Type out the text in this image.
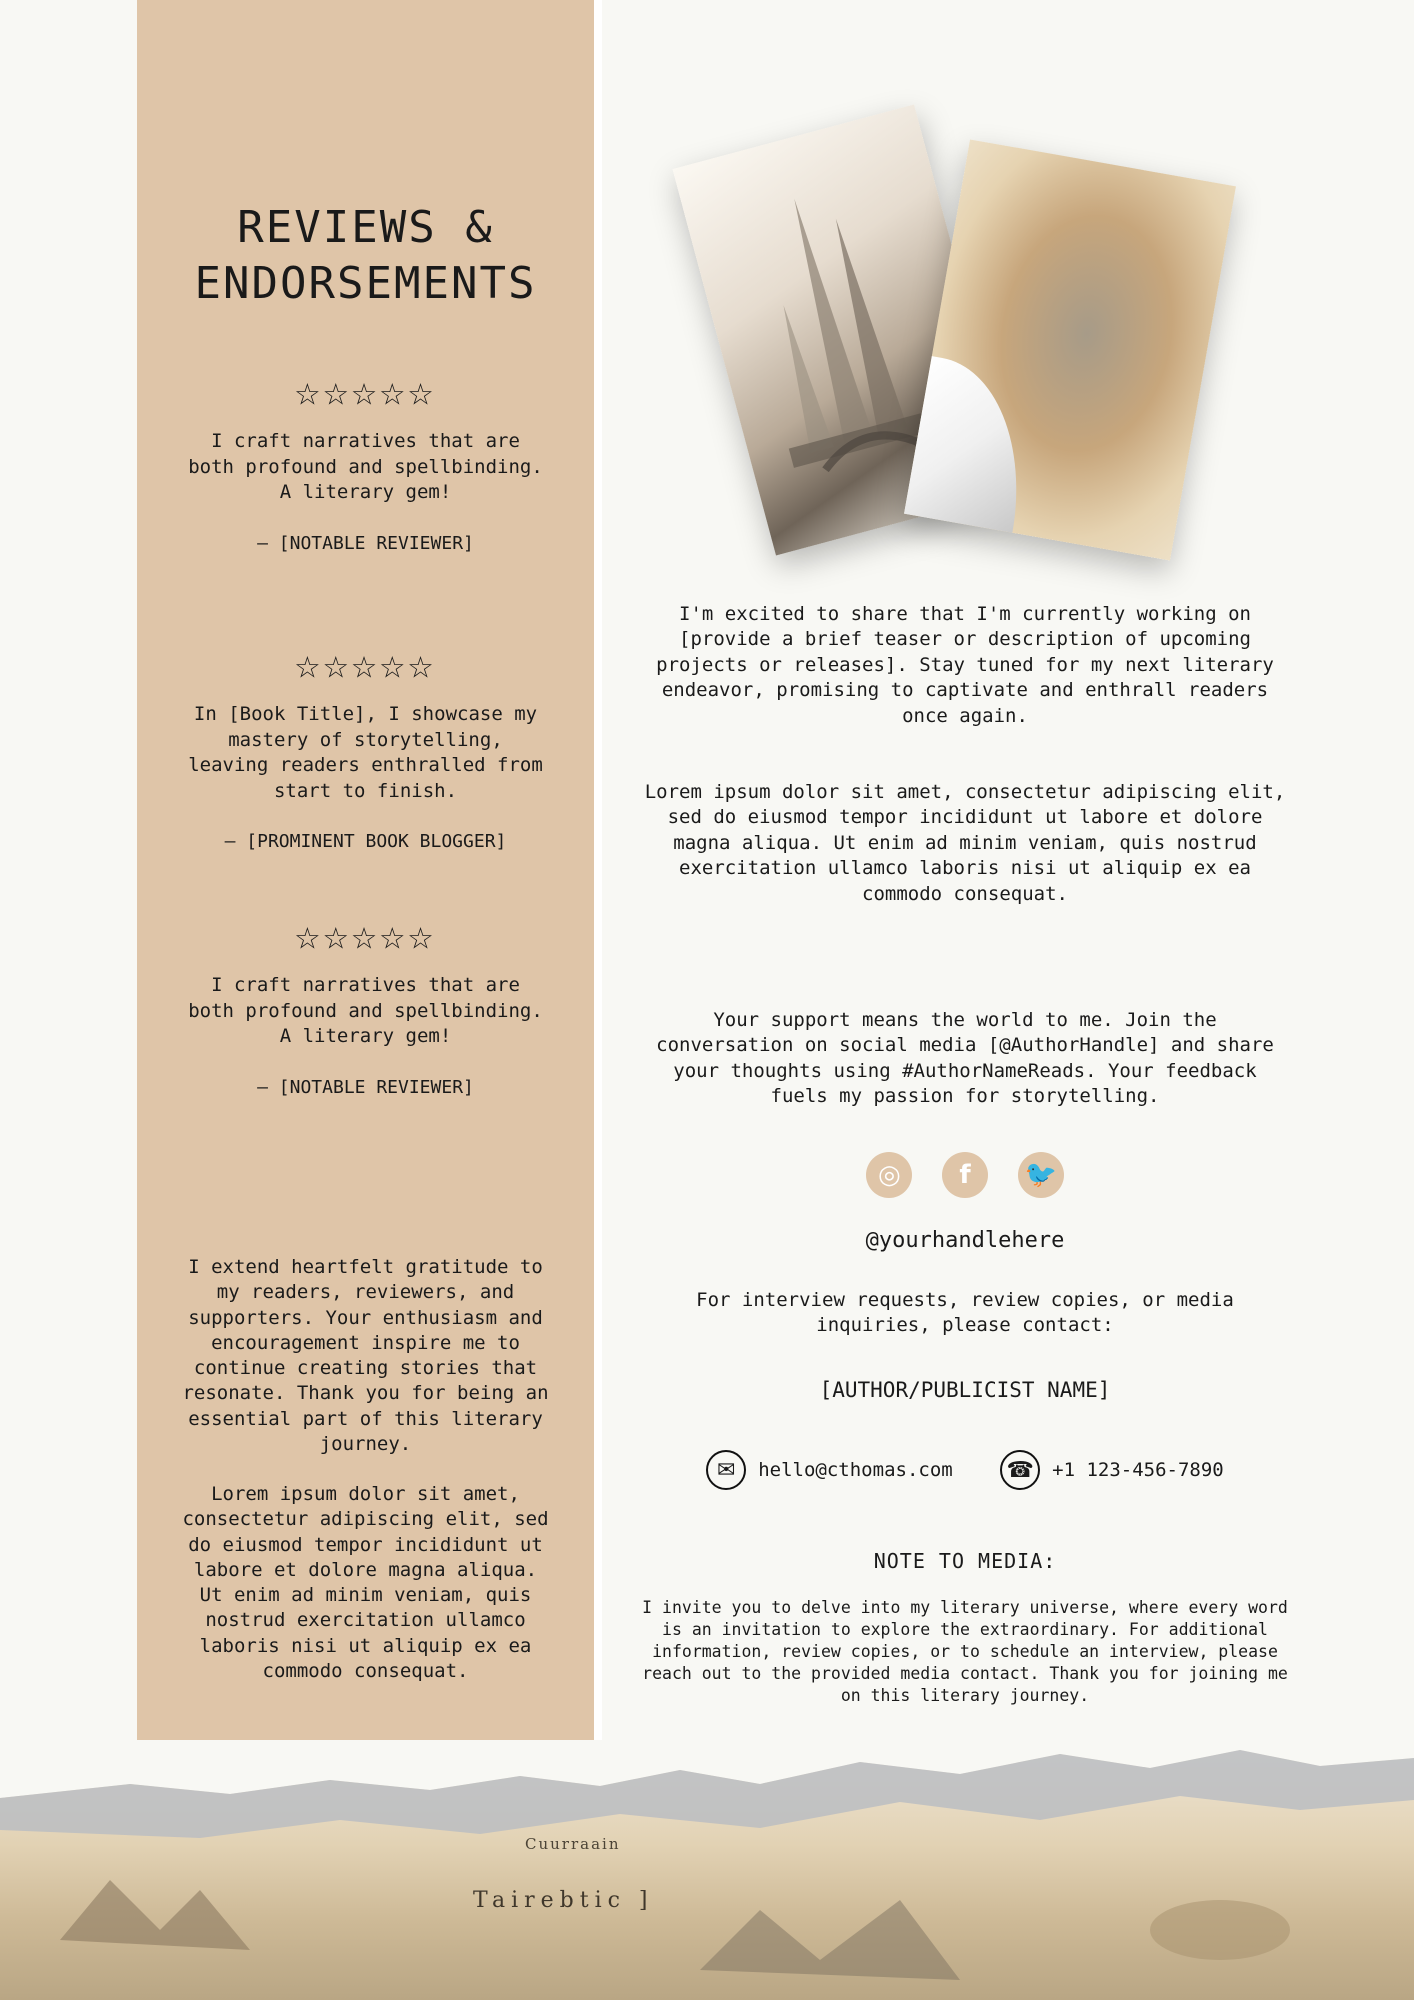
REVIEWS &
ENDORSEMENTS
☆☆☆☆☆
I craft narratives that are both profound and spellbinding. A literary gem!
– [NOTABLE REVIEWER]
☆☆☆☆☆
In [Book Title], I showcase my mastery of storytelling, leaving readers enthralled from start to finish.
– [PROMINENT BOOK BLOGGER]
☆☆☆☆☆
I craft narratives that are both profound and spellbinding. A literary gem!
– [NOTABLE REVIEWER]
I extend heartfelt gratitude to my readers, reviewers, and supporters. Your enthusiasm and encouragement inspire me to continue creating stories that resonate. Thank you for being an essential part of this literary journey.
Lorem ipsum dolor sit amet, consectetur adipiscing elit, sed do eiusmod tempor incididunt ut labore et dolore magna aliqua. Ut enim ad minim veniam, quis nostrud exercitation ullamco laboris nisi ut aliquip ex ea commodo consequat.
I'm excited to share that I'm currently working on [provide a brief teaser or description of upcoming projects or releases]. Stay tuned for my next literary endeavor, promising to captivate and enthrall readers once again.
Lorem ipsum dolor sit amet, consectetur adipiscing elit, sed do eiusmod tempor incididunt ut labore et dolore magna aliqua. Ut enim ad minim veniam, quis nostrud exercitation ullamco laboris nisi ut aliquip ex ea commodo consequat.
Your support means the world to me. Join the conversation on social media [@AuthorHandle] and share your thoughts using #AuthorNameReads. Your feedback fuels my passion for storytelling.
◎ f 🐦
@yourhandlehere
For interview requests, review copies, or media inquiries, please contact:
[AUTHOR/PUBLICIST NAME]
✉	hello@cthomas.com
☎ +1 123-456-7890
NOTE TO MEDIA:
I invite you to delve into my literary universe, where every word is an invitation to explore the extraordinary. For additional information, review copies, or to schedule an interview, please reach out to the provided media contact. Thank you for joining me on this literary journey.
Cuurraain
Tairebtic ]
